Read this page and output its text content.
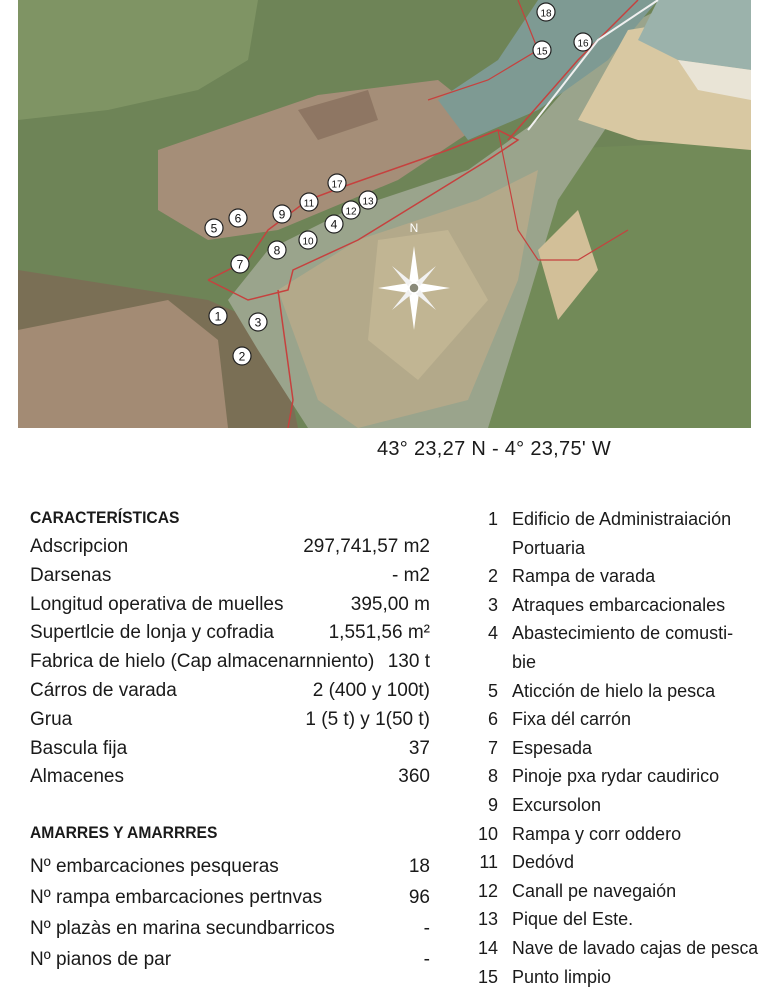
N
1
2
3
4
5
6
7
8
9
10
11
12
13
15
16
17
18
43° 23,27 N - 4° 23,75' W
CARACTERÍSTICAS
Adscripcion	297,741,57 m2
Darsenas	- m2
Longitud operativa de muelles	395,00 m
Supertlcie de lonja y cofradia	1,551,56 m²
Fabrica de hielo (Cap almacenarnniento) 130 t
Cárros de varada	2 (400 y 100t)
Grua	1 (5 t) y 1(50 t)
Bascula fija	37
Almacenes	360
AMARRES Y AMARRRES
Nº embarcaciones pesqueras	18
Nº rampa embarcaciones pertnvas	96
Nº plazàs en marina secundbarricos	-
Nº pianos de par	-
1 Edificio de Administraiación
Portuaria
2 Rampa de varada
3 Atraques embarcacionales
4 Abastecimiento de comusti-
bie
5 Aticción de hielo la pesca
6 Fixa dél carrón
7 Espesada
8 Pinoje pxa rydar caudirico
9 Excursolon
10 Rampa y corr oddero
11 Dedóvd
12 Canall pe navegaión
13 Pique del Este.
14 Nave de lavado cajas de pesca
15 Punto limpio
